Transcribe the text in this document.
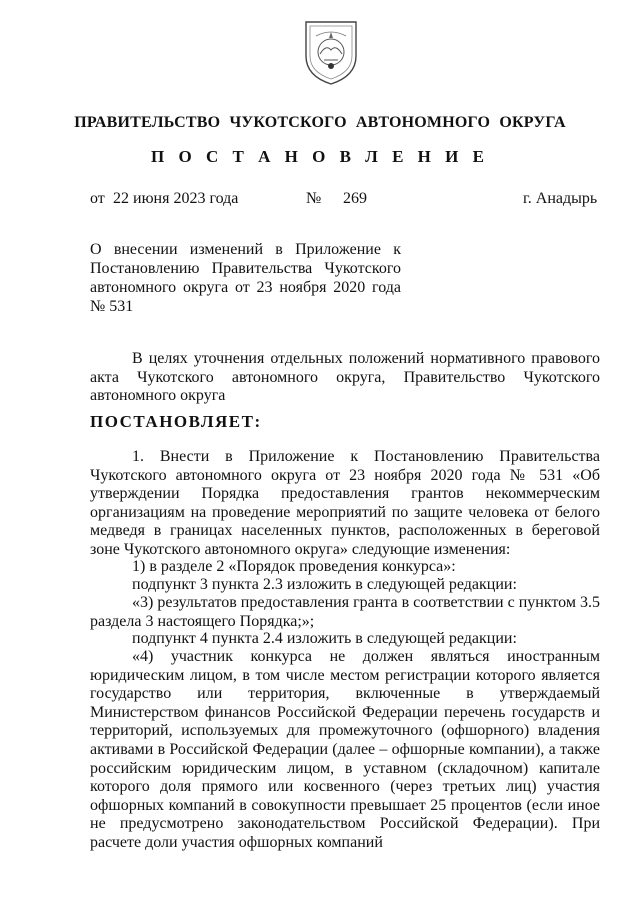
ПРАВИТЕЛЬСТВО ЧУКОТСКОГО АВТОНОМНОГО ОКРУГА
П О С Т А Н О В Л Е Н И Е
от 22 июня 2023 года	№	269	г. Анадырь
О внесении изменений в Приложение к Постановлению Правительства Чукотского автономного округа от 23 ноября 2020 года № 531

В целях уточнения отдельных положений нормативного правового акта Чукотского автономного округа, Правительство Чукотского автономного округа

ПОСТАНОВЛЯЕТ:

1. Внести в Приложение к Постановлению Правительства Чукотского автономного округа от 23 ноября 2020 года № 531 «Об утверждении Порядка предоставления грантов некоммерческим организациям на проведение мероприятий по защите человека от белого медведя в границах населенных пунктов, расположенных в береговой зоне Чукотского автономного округа» следующие изменения:

1) в разделе 2 «Порядок проведения конкурса»:

подпункт 3 пункта 2.3 изложить в следующей редакции:

«3) результатов предоставления гранта в соответствии с пунктом 3.5 раздела 3 настоящего Порядка;»;

подпункт 4 пункта 2.4 изложить в следующей редакции:

«4) участник конкурса не должен являться иностранным юридическим лицом, в том числе местом регистрации которого является государство или территория, включенные в утверждаемый Министерством финансов Российской Федерации перечень государств и территорий, используемых для промежуточного (офшорного) владения активами в Российской Федерации (далее – офшорные компании), а также российским юридическим лицом, в уставном (складочном) капитале которого доля прямого или косвенного (через третьих лиц) участия офшорных компаний в совокупности превышает 25 процентов (если иное не предусмотрено законодательством Российской Федерации). При расчете доли участия офшорных компаний
